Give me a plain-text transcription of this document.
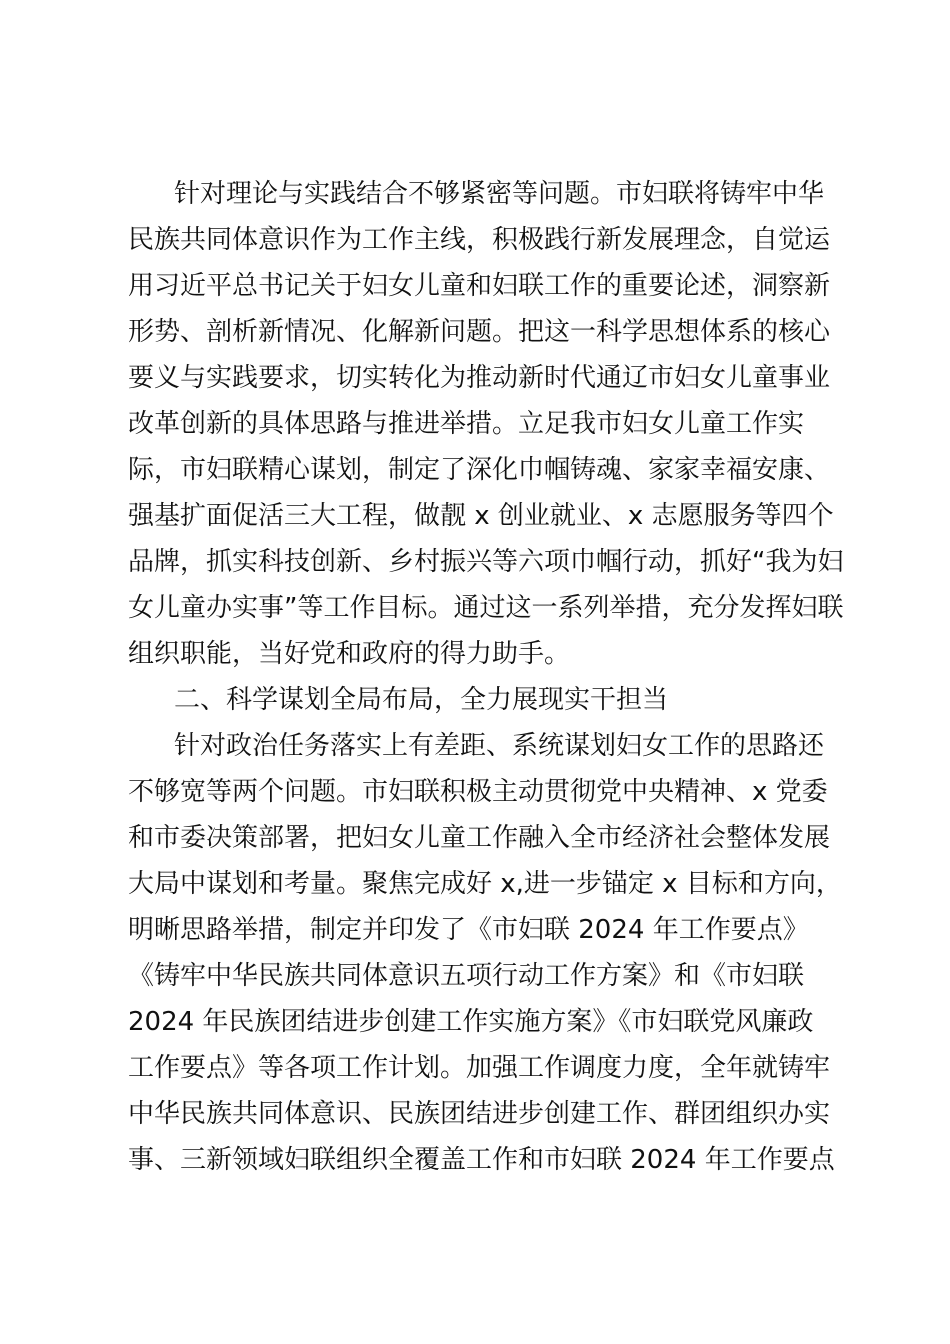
针对理论与实践结合不够紧密等问题。市妇联将铸牢中华
民族共同体意识作为工作主线，积极践行新发展理念，自觉运
用习近平总书记关于妇女儿童和妇联工作的重要论述，洞察新
形势、剖析新情况、化解新问题。把这一科学思想体系的核心
要义与实践要求，切实转化为推动新时代通辽市妇女儿童事业
改革创新的具体思路与推进举措。立足我市妇女儿童工作实
际，市妇联精心谋划，制定了深化巾帼铸魂、家家幸福安康、
强基扩面促活三大工程，做靓 x 创业就业、x 志愿服务等四个
品牌，抓实科技创新、乡村振兴等六项巾帼行动，抓好“我为妇
女儿童办实事”等工作目标。通过这一系列举措，充分发挥妇联
组织职能，当好党和政府的得力助手。
二、科学谋划全局布局，全力展现实干担当
针对政治任务落实上有差距、系统谋划妇女工作的思路还
不够宽等两个问题。市妇联积极主动贯彻党中央精神、x 党委
和市委决策部署，把妇女儿童工作融入全市经济社会整体发展
大局中谋划和考量。聚焦完成好 x,进一步锚定 x 目标和方向，
明晰思路举措，制定并印发了《市妇联 2024 年工作要点》
《铸牢中华民族共同体意识五项行动工作方案》和《市妇联
2024 年民族团结进步创建工作实施方案》《市妇联党风廉政
工作要点》等各项工作计划。加强工作调度力度，全年就铸牢
中华民族共同体意识、民族团结进步创建工作、群团组织办实
事、三新领域妇联组织全覆盖工作和市妇联 2024 年工作要点
